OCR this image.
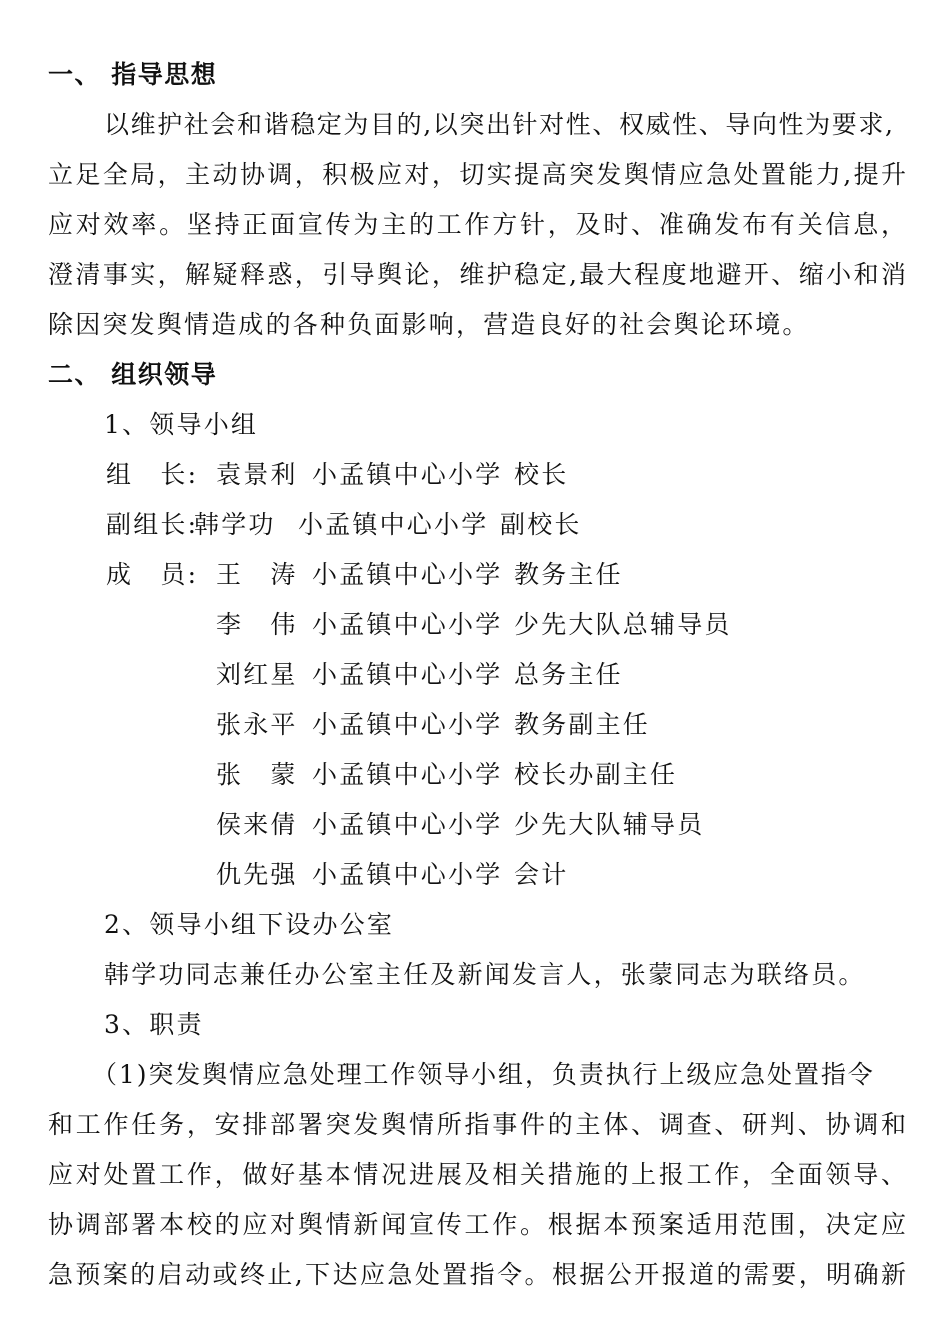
一、 指导思想
以维护社会和谐稳定为目的,以突出针对性、权威性、导向性为要求,
立足全局，主动协调，积极应对，切实提高突发舆情应急处置能力,提升
应对效率。坚持正面宣传为主的工作方针，及时、准确发布有关信息，
澄清事实，解疑释惑，引导舆论，维护稳定,最大程度地避开、缩小和消
除因突发舆情造成的各种负面影响，营造良好的社会舆论环境。
二、 组织领导
1、领导小组
组　长: 袁景利 小孟镇中心小学 校长
副组长:
韩学功 小孟镇中心小学 副校长
成　员: 王　涛 小孟镇中心小学 教务主任
李　伟 小孟镇中心小学 少先大队总辅导员
刘红星 小孟镇中心小学 总务主任
张永平 小孟镇中心小学 教务副主任
张　蒙 小孟镇中心小学 校长办副主任
侯来倩 小孟镇中心小学 少先大队辅导员
仇先强 小孟镇中心小学 会计
2、领导小组下设办公室
韩学功同志兼任办公室主任及新闻发言人，张蒙同志为联络员。
3、职责
（1)突发舆情应急处理工作领导小组，负责执行上级应急处置指令
和工作任务，安排部署突发舆情所指事件的主体、调查、研判、协调和
应对处置工作，做好基本情况进展及相关措施的上报工作，全面领导、
协调部署本校的应对舆情新闻宣传工作。根据本预案适用范围，决定应
急预案的启动或终止,下达应急处置指令。根据公开报道的需要，明确新
